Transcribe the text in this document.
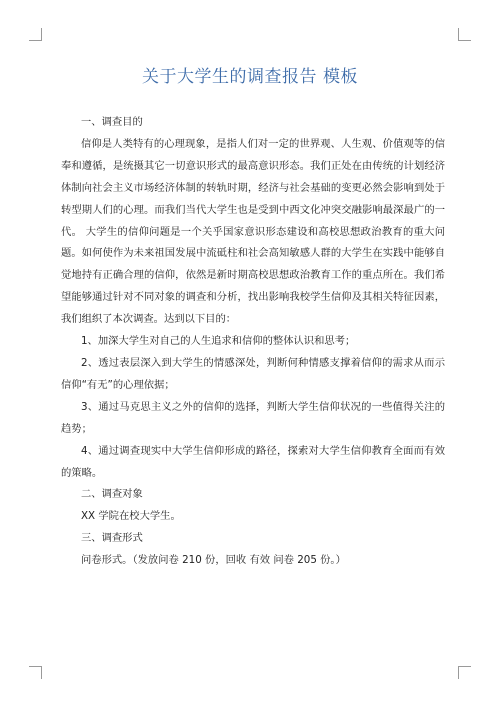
关于大学生的调查报告 模板

一、调查目的

信仰是人类特有的心理现象，是指人们对一定的世界观、人生观、价值观等的信奉和遵循，是统摄其它一切意识形式的最高意识形态。我们正处在由传统的计划经济体制向社会主义市场经济体制的转轨时期，经济与社会基础的变更必然会影响到处于转型期人们的心理。而我们当代大学生也是受到中西文化冲突交融影响最深最广的一代。 大学生的信仰问题是一个关乎国家意识形态建设和高校思想政治教育的重大问题。如何使作为未来祖国发展中流砥柱和社会高知敏感人群的大学生在实践中能够自觉地持有正确合理的信仰，依然是新时期高校思想政治教育工作的重点所在。我们希望能够通过针对不同对象的调查和分析，找出影响我校学生信仰及其相关特征因素，我们组织了本次调查。达到以下目的：

1、加深大学生对自己的人生追求和信仰的整体认识和思考；

2、透过表层深入到大学生的情感深处，判断何种情感支撑着信仰的需求从而示信仰“有无”的心理依据；

3、通过马克思主义之外的信仰的选择，判断大学生信仰状况的一些值得关注的趋势；

4、通过调查现实中大学生信仰形成的路径，探索对大学生信仰教育全面而有效的策略。

二、调查对象

XX 学院在校大学生。

三、调查形式

问卷形式。（发放问卷 210 份，回收 有效 问卷 205 份。）
